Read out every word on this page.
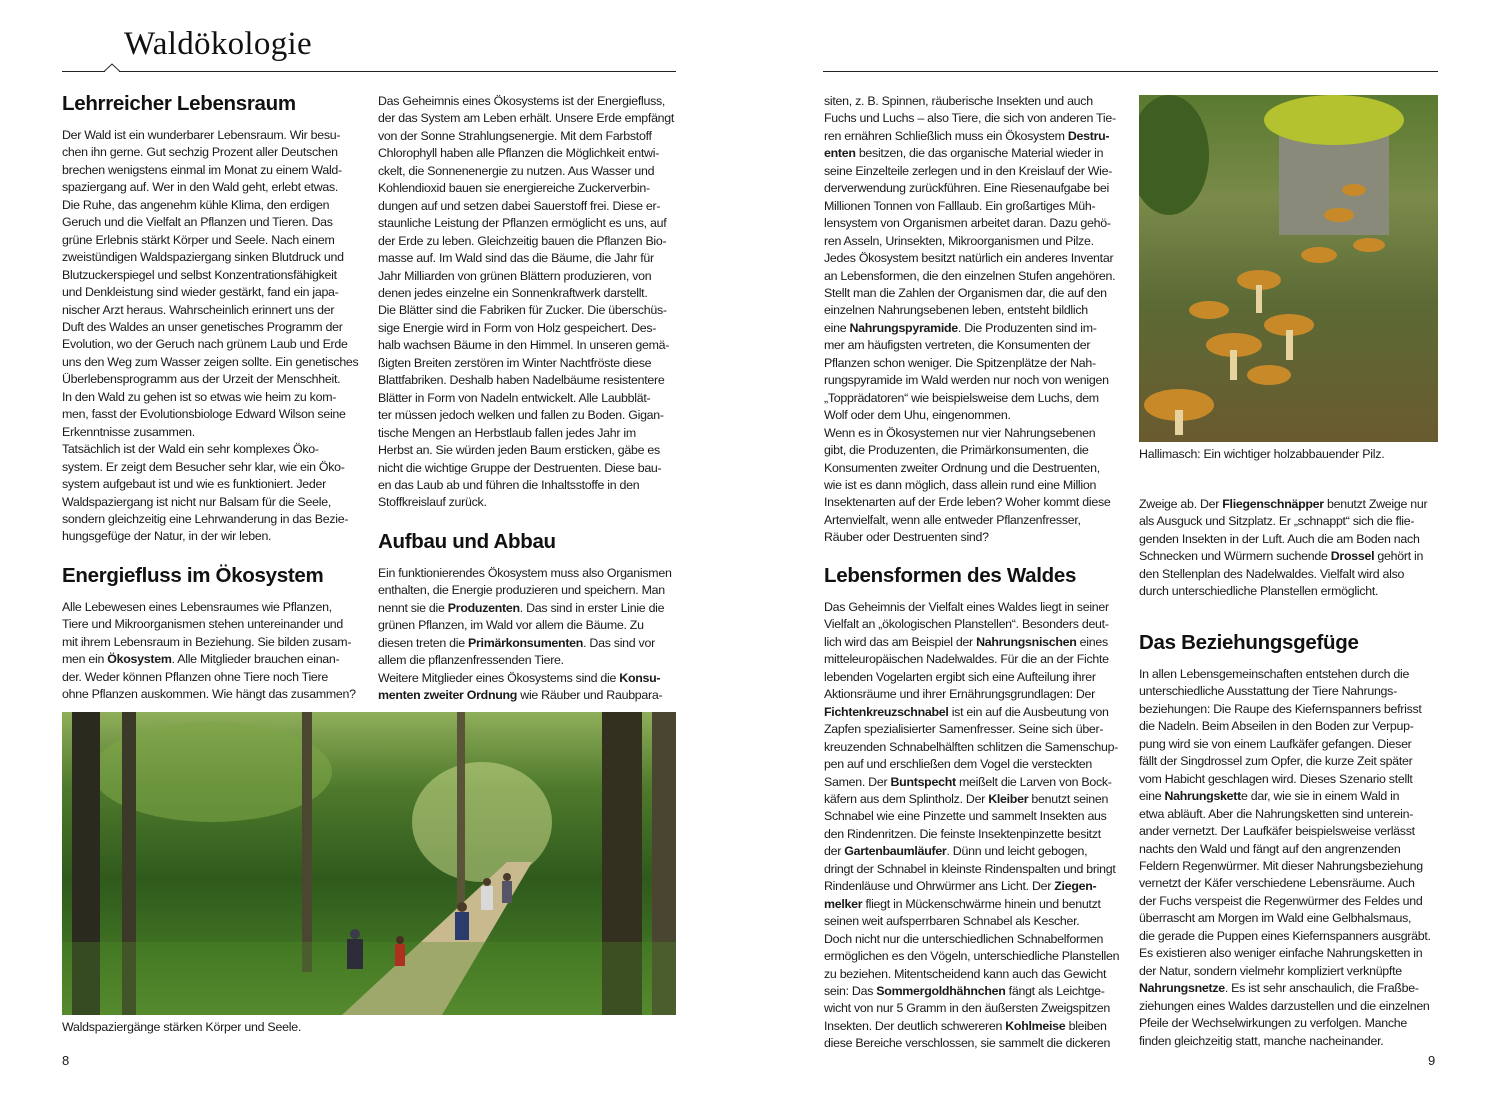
Waldökologie
Lehrreicher Lebensraum
Der Wald ist ein wunderbarer Lebensraum. Wir besu-
chen ihn gerne. Gut sechzig Prozent aller Deutschen
brechen wenigstens einmal im Monat zu einem Wald-
spaziergang auf. Wer in den Wald geht, erlebt etwas.
Die Ruhe, das angenehm kühle Klima, den erdigen
Geruch und die Vielfalt an Pflanzen und Tieren. Das
grüne Erlebnis stärkt Körper und Seele. Nach einem
zweistündigen Waldspaziergang sinken Blutdruck und
Blutzuckerspiegel und selbst Konzentrationsfähigkeit
und Denkleistung sind wieder gestärkt, fand ein japa-
nischer Arzt heraus. Wahrscheinlich erinnert uns der
Duft des Waldes an unser genetisches Programm der
Evolution, wo der Geruch nach grünem Laub und Erde
uns den Weg zum Wasser zeigen sollte. Ein genetisches
Überlebensprogramm aus der Urzeit der Menschheit.
In den Wald zu gehen ist so etwas wie heim zu kom-
men, fasst der Evolutionsbiologe Edward Wilson seine
Erkenntnisse zusammen.
Tatsächlich ist der Wald ein sehr komplexes Öko-
system. Er zeigt dem Besucher sehr klar, wie ein Öko-
system aufgebaut ist und wie es funktioniert. Jeder
Waldspaziergang ist nicht nur Balsam für die Seele,
sondern gleichzeitig eine Lehrwanderung in das Bezie-
hungsgefüge der Natur, in der wir leben.
Energiefluss im Ökosystem
Alle Lebewesen eines Lebensraumes wie Pflanzen,
Tiere und Mikroorganismen stehen untereinander und
mit ihrem Lebensraum in Beziehung. Sie bilden zusam-
men ein Ökosystem. Alle Mitglieder brauchen einan-
der. Weder können Pflanzen ohne Tiere noch Tiere
ohne Pflanzen auskommen. Wie hängt das zusammen?
Das Geheimnis eines Ökosystems ist der Energiefluss,
der das System am Leben erhält. Unsere Erde empfängt
von der Sonne Strahlungsenergie. Mit dem Farbstoff
Chlorophyll haben alle Pflanzen die Möglichkeit entwi-
ckelt, die Sonnenenergie zu nutzen. Aus Wasser und
Kohlendioxid bauen sie energiereiche Zuckerverbin-
dungen auf und setzen dabei Sauerstoff frei. Diese er-
staunliche Leistung der Pflanzen ermöglicht es uns, auf
der Erde zu leben. Gleichzeitig bauen die Pflanzen Bio-
masse auf. Im Wald sind das die Bäume, die Jahr für
Jahr Milliarden von grünen Blättern produzieren, von
denen jedes einzelne ein Sonnenkraftwerk darstellt.
Die Blätter sind die Fabriken für Zucker. Die überschüs-
sige Energie wird in Form von Holz gespeichert. Des-
halb wachsen Bäume in den Himmel. In unseren gemä-
ßigten Breiten zerstören im Winter Nachtfröste diese
Blattfabriken. Deshalb haben Nadelbäume resistentere
Blätter in Form von Nadeln entwickelt. Alle Laubblät-
ter müssen jedoch welken und fallen zu Boden. Gigan-
tische Mengen an Herbstlaub fallen jedes Jahr im
Herbst an. Sie würden jeden Baum ersticken, gäbe es
nicht die wichtige Gruppe der Destruenten. Diese bau-
en das Laub ab und führen die Inhaltsstoffe in den
Stoffkreislauf zurück.
Aufbau und Abbau
Ein funktionierendes Ökosystem muss also Organismen
enthalten, die Energie produzieren und speichern. Man
nennt sie die Produzenten. Das sind in erster Linie die
grünen Pflanzen, im Wald vor allem die Bäume. Zu
diesen treten die Primärkonsumenten. Das sind vor
allem die pflanzenfressenden Tiere.
Weitere Mitglieder eines Ökosystems sind die Konsu-
menten zweiter Ordnung wie Räuber und Raubpara-
Waldspaziergänge stärken Körper und Seele.
8
siten, z. B. Spinnen, räuberische Insekten und auch
Fuchs und Luchs – also Tiere, die sich von anderen Tie-
ren ernähren Schließlich muss ein Ökosystem Destru-
enten besitzen, die das organische Material wieder in
seine Einzelteile zerlegen und in den Kreislauf der Wie-
derverwendung zurückführen. Eine Riesenaufgabe bei
Millionen Tonnen von Falllaub. Ein großartiges Müh-
lensystem von Organismen arbeitet daran. Dazu gehö-
ren Asseln, Urinsekten, Mikroorganismen und Pilze.
Jedes Ökosystem besitzt natürlich ein anderes Inventar
an Lebensformen, die den einzelnen Stufen angehören.
Stellt man die Zahlen der Organismen dar, die auf den
einzelnen Nahrungsebenen leben, entsteht bildlich
eine Nahrungspyramide. Die Produzenten sind im-
mer am häufigsten vertreten, die Konsumenten der
Pflanzen schon weniger. Die Spitzenplätze der Nah-
rungspyramide im Wald werden nur noch von wenigen
„Topprädatoren“ wie beispielsweise dem Luchs, dem
Wolf oder dem Uhu, eingenommen.
Wenn es in Ökosystemen nur vier Nahrungsebenen
gibt, die Produzenten, die Primärkonsumenten, die
Konsumenten zweiter Ordnung und die Destruenten,
wie ist es dann möglich, dass allein rund eine Million
Insektenarten auf der Erde leben? Woher kommt diese
Artenvielfalt, wenn alle entweder Pflanzenfresser,
Räuber oder Destruenten sind?
Lebensformen des Waldes
Das Geheimnis der Vielfalt eines Waldes liegt in seiner
Vielfalt an „ökologischen Planstellen“. Besonders deut-
lich wird das am Beispiel der Nahrungsnischen eines
mitteleuropäischen Nadelwaldes. Für die an der Fichte
lebenden Vogelarten ergibt sich eine Aufteilung ihrer
Aktionsräume und ihrer Ernährungsgrundlagen: Der
Fichtenkreuzschnabel ist ein auf die Ausbeutung von
Zapfen spezialisierter Samenfresser. Seine sich über-
kreuzenden Schnabelhälften schlitzen die Samenschup-
pen auf und erschließen dem Vogel die versteckten
Samen. Der Buntspecht meißelt die Larven von Bock-
käfern aus dem Splintholz. Der Kleiber benutzt seinen
Schnabel wie eine Pinzette und sammelt Insekten aus
den Rindenritzen. Die feinste Insektenpinzette besitzt
der Gartenbaumläufer. Dünn und leicht gebogen,
dringt der Schnabel in kleinste Rindenspalten und bringt
Rindenläuse und Ohrwürmer ans Licht. Der Ziegen-
melker fliegt in Mückenschwärme hinein und benutzt
seinen weit aufsperrbaren Schnabel als Kescher.
Doch nicht nur die unterschiedlichen Schnabelformen
ermöglichen es den Vögeln, unterschiedliche Planstellen
zu beziehen. Mitentscheidend kann auch das Gewicht
sein: Das Sommergoldhähnchen fängt als Leichtge-
wicht von nur 5 Gramm in den äußersten Zweigspitzen
Insekten. Der deutlich schwereren Kohlmeise bleiben
diese Bereiche verschlossen, sie sammelt die dickeren
Hallimasch: Ein wichtiger holzabbauender Pilz.
Zweige ab. Der Fliegenschnäpper benutzt Zweige nur
als Ausguck und Sitzplatz. Er „schnappt“ sich die flie-
genden Insekten in der Luft. Auch die am Boden nach
Schnecken und Würmern suchende Drossel gehört in
den Stellenplan des Nadelwaldes. Vielfalt wird also
durch unterschiedliche Planstellen ermöglicht.
Das Beziehungsgefüge
In allen Lebensgemeinschaften entstehen durch die
unterschiedliche Ausstattung der Tiere Nahrungs-
beziehungen: Die Raupe des Kiefernspanners befrisst
die Nadeln. Beim Abseilen in den Boden zur Verpup-
pung wird sie von einem Laufkäfer gefangen. Dieser
fällt der Singdrossel zum Opfer, die kurze Zeit später
vom Habicht geschlagen wird. Dieses Szenario stellt
eine Nahrungskette dar, wie sie in einem Wald in
etwa abläuft. Aber die Nahrungsketten sind unterein-
ander vernetzt. Der Laufkäfer beispielsweise verlässt
nachts den Wald und fängt auf den angrenzenden
Feldern Regenwürmer. Mit dieser Nahrungsbeziehung
vernetzt der Käfer verschiedene Lebensräume. Auch
der Fuchs verspeist die Regenwürmer des Feldes und
überrascht am Morgen im Wald eine Gelbhalsmaus,
die gerade die Puppen eines Kiefernspanners ausgräbt.
Es existieren also weniger einfache Nahrungsketten in
der Natur, sondern vielmehr kompliziert verknüpfte
Nahrungsnetze. Es ist sehr anschaulich, die Fraßbe-
ziehungen eines Waldes darzustellen und die einzelnen
Pfeile der Wechselwirkungen zu verfolgen. Manche
finden gleichzeitig statt, manche nacheinander.
9
